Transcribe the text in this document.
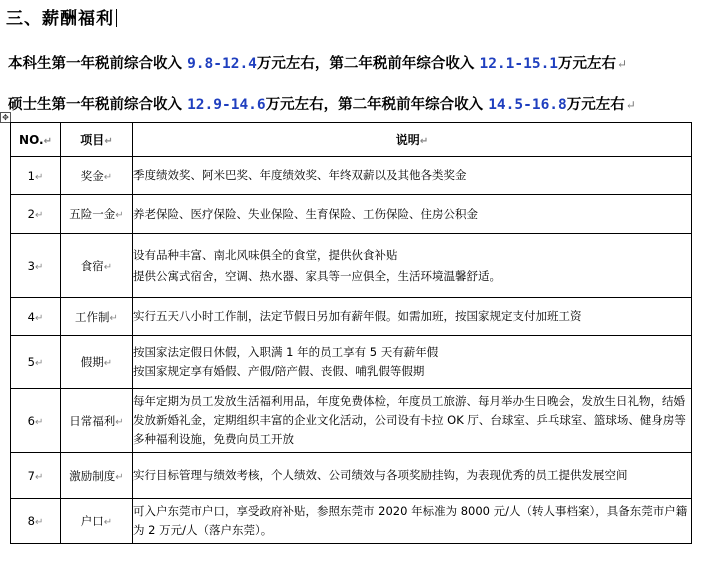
三、薪酬福利
本科生第一年税前综合收入 9.8-12.4万元左右，第二年税前年综合收入 12.1-15.1万元左右↵
硕士生第一年税前综合收入 12.9-14.6万元左右，第二年税前年综合收入 14.5-16.8万元左右↵
✥
NO.↵	项目↵	说明↵
1↵	奖金↵	季度绩效奖、阿米巴奖、年度绩效奖、年终双薪以及其他各类奖金

2↵	五险一金↵	养老保险、医疗保险、失业保险、生育保险、工伤保险、住房公积金

3↵	食宿↵	设有品种丰富、南北风味俱全的食堂，提供伙食补贴
提供公寓式宿舍，空调、热水器、家具等一应俱全，生活环境温馨舒适。

4↵	工作制↵	实行五天八小时工作制，法定节假日另加有薪年假。如需加班，按国家规定支付加班工资

5↵	假期↵	按国家法定假日休假，入职满 1 年的员工享有 5 天有薪年假
按国家规定享有婚假、产假/陪产假、丧假、哺乳假等假期

6↵	日常福利↵	每年定期为员工发放生活福利用品，年度免费体检，年度员工旅游、每月举办生日晚会，发放生日礼物，结婚发放新婚礼金，定期组织丰富的企业文化活动，公司设有卡拉 OK 厅、台球室、乒乓球室、篮球场、健身房等多种福利设施，免费向员工开放

7↵	激励制度↵	实行目标管理与绩效考核，个人绩效、公司绩效与各项奖励挂钩，为表现优秀的员工提供发展空间

8↵	户口↵	可入户东莞市户口，享受政府补贴，参照东莞市 2020 年标准为 8000 元/人（转人事档案），具备东莞市户籍为 2 万元/人（落户东莞）。
